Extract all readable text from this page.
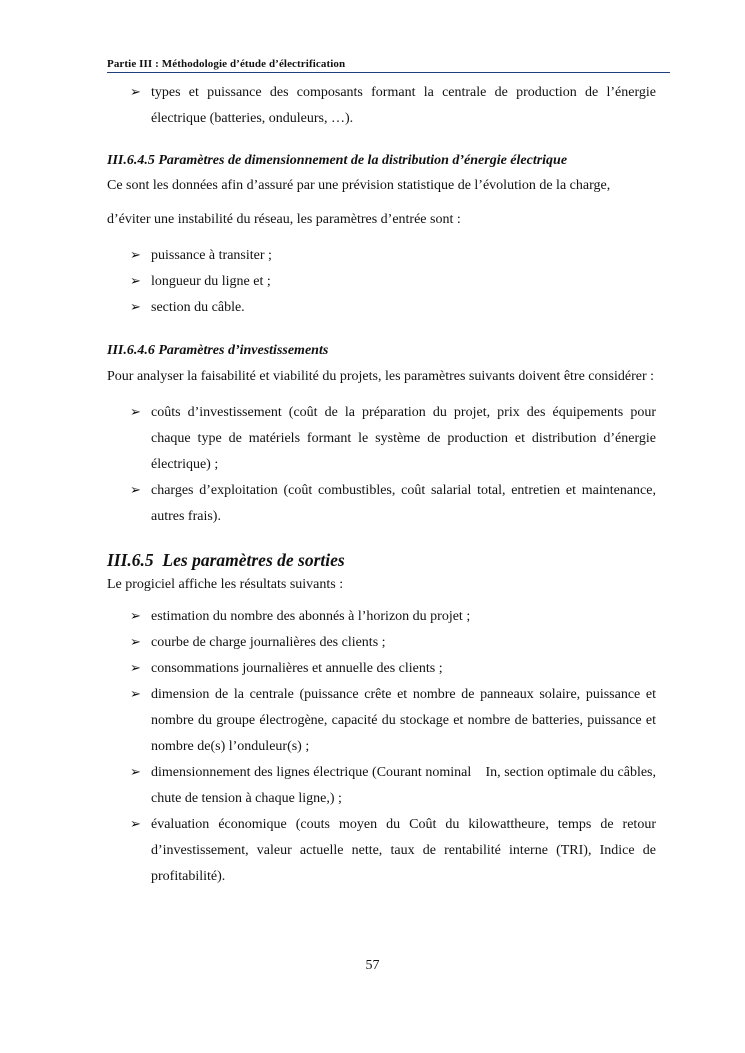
Partie III : Méthodologie d’étude d’électrification
➢ types et puissance des composants formant la centrale de production de l’énergie électrique (batteries, onduleurs, …).
III.6.4.5 Paramètres de dimensionnement de la distribution d’énergie électrique

Ce sont les données afin d’assuré par une prévision statistique de l’évolution de la charge,

d’éviter une instabilité du réseau, les paramètres d’entrée sont :

➢ puissance à transiter ;
➢ longueur du ligne et ;
➢ section du câble.
III.6.4.6 Paramètres d’investissements

Pour analyser la faisabilité et viabilité du projets, les paramètres suivants doivent être considérer :

➢ coûts d’investissement (coût de la préparation du projet, prix des équipements pour chaque type de matériels formant le système de production et distribution d’énergie électrique) ;
➢ charges d’exploitation (coût combustibles, coût salarial total, entretien et maintenance, autres frais).
III.6.5  Les paramètres de sorties

Le progiciel affiche les résultats suivants :

➢ estimation du nombre des abonnés à l’horizon du projet ;
➢ courbe de charge journalières des clients ;
➢ consommations journalières et annuelle des clients ;
➢ dimension de la centrale (puissance crête et nombre de panneaux solaire, puissance et nombre du groupe électrogène, capacité du stockage et nombre de batteries, puissance et nombre de(s) l’onduleur(s) ;
➢ dimensionnement des lignes électrique (Courant nominal    In, section optimale du câbles, chute de tension à chaque ligne,) ;
➢ évaluation économique (couts moyen du Coût du kilowattheure, temps de retour d’investissement, valeur actuelle nette, taux de rentabilité interne (TRI), Indice de profitabilité).
57
